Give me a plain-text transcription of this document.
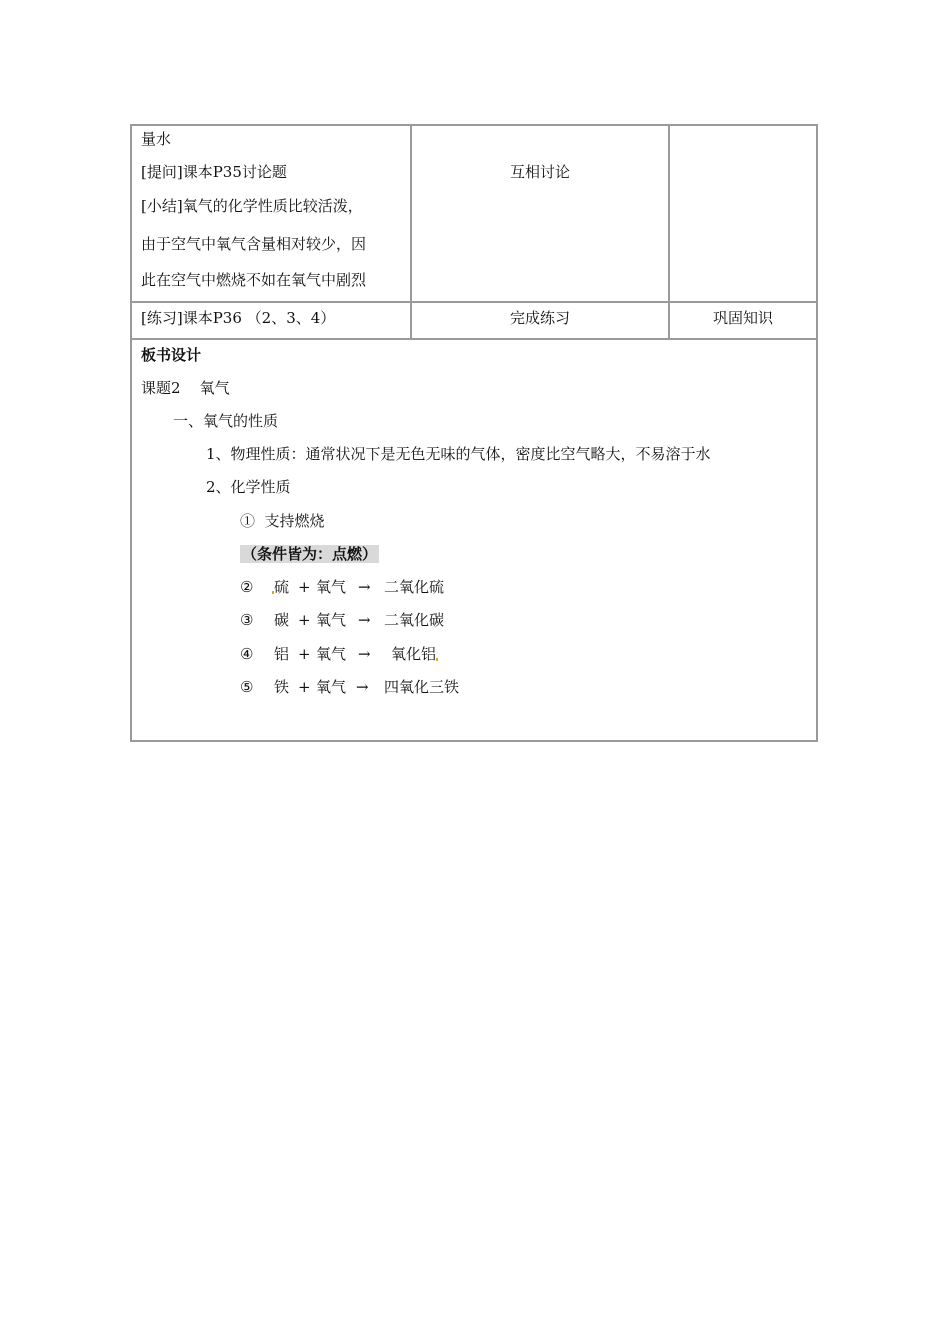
量水
[提问]课本P35讨论题
[小结]氧气的化学性质比较活泼，
由于空气中氧气含量相对较少，因
此在空气中燃烧不如在氧气中剧烈
互相讨论
[练习]课本P36 （2、3、4）	完成练习	巩固知识
板书设计
课题2    氧气
一、氧气的性质
1、物理性质：通常状况下是无色无味的气体，密度比空气略大，不易溶于水
2、化学性质
①  支持燃烧
（条件皆为：点燃）
② 硫 + 氧气 → 二氧化硫
③ 碳 + 氧气 → 二氧化碳
④ 铝 + 氧气 → 氧化铝
⑤ 铁 + 氧气 → 四氧化三铁
